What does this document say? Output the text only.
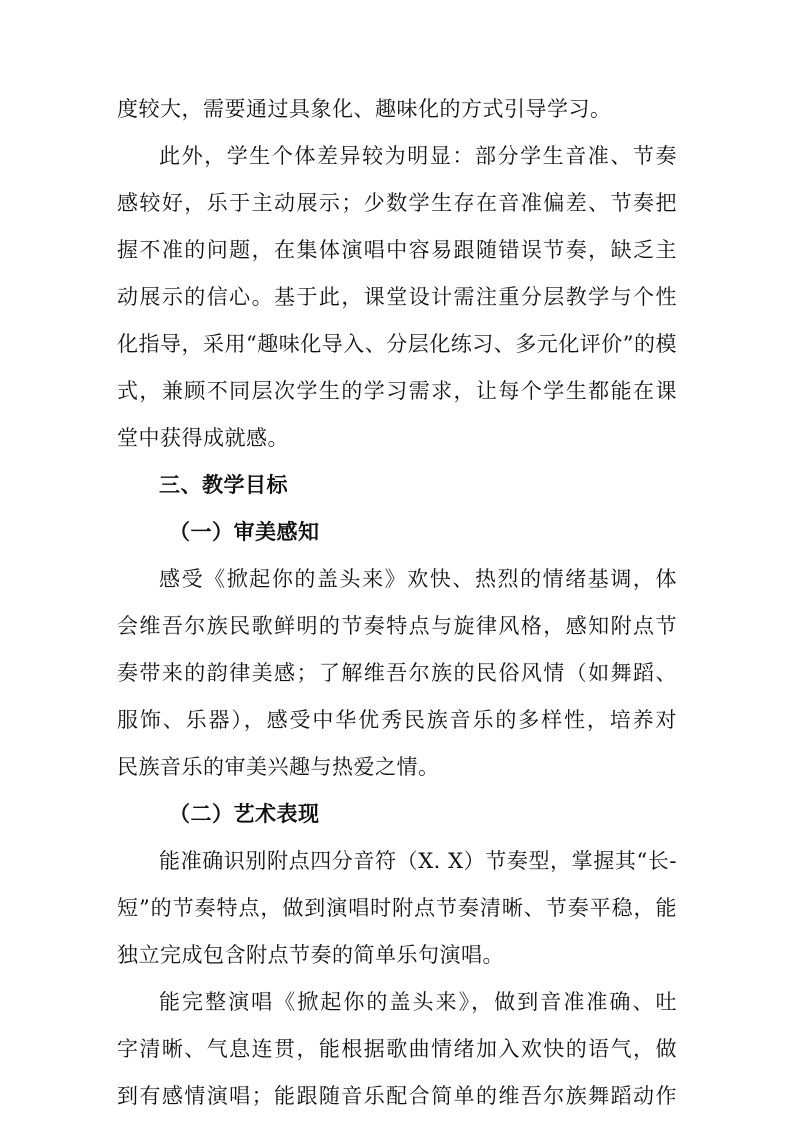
度较大，需要通过具象化、趣味化的方式引导学习。
此外，学生个体差异较为明显：部分学生音准、节奏
感较好，乐于主动展示；少数学生存在音准偏差、节奏把
握不准的问题，在集体演唱中容易跟随错误节奏，缺乏主
动展示的信心。基于此，课堂设计需注重分层教学与个性
化指导，采用“趣味化导入、分层化练习、多元化评价”的模
式，兼顾不同层次学生的学习需求，让每个学生都能在课
堂中获得成就感。
三、教学目标
（一）审美感知
感受《掀起你的盖头来》欢快、热烈的情绪基调，体
会维吾尔族民歌鲜明的节奏特点与旋律风格，感知附点节
奏带来的韵律美感；了解维吾尔族的民俗风情（如舞蹈、
服饰、乐器），感受中华优秀民族音乐的多样性，培养对
民族音乐的审美兴趣与热爱之情。
（二）艺术表现
能准确识别附点四分音符（X. X）节奏型，掌握其“长-
短”的节奏特点，做到演唱时附点节奏清晰、节奏平稳，能
独立完成包含附点节奏的简单乐句演唱。
能完整演唱《掀起你的盖头来》，做到音准准确、吐
字清晰、气息连贯，能根据歌曲情绪加入欢快的语气，做
到有感情演唱；能跟随音乐配合简单的维吾尔族舞蹈动作
